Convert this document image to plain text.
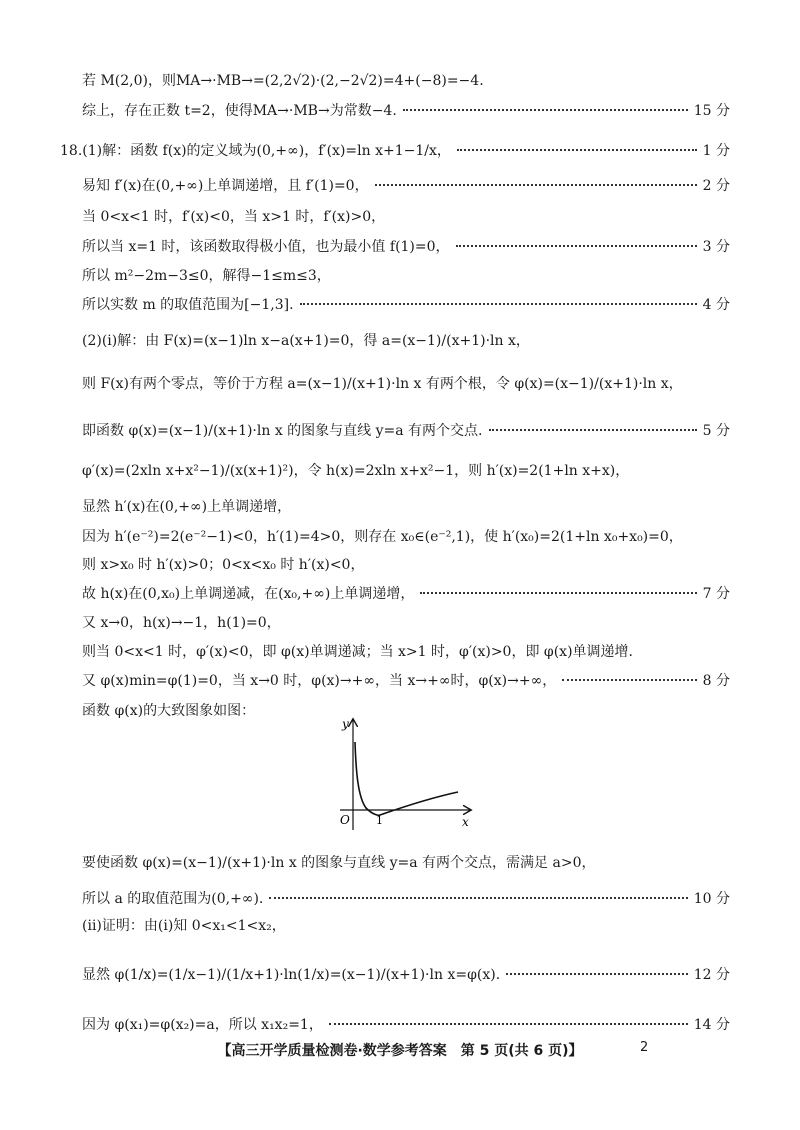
若 M(2,0)，则MA→·MB→=(2,2√2)·(2,−2√2)=4+(−8)=−4.
综上，存在正数 t=2，使得MA→·MB→为常数−4.	15 分
18.(1)解：函数 f(x)的定义域为(0,+∞)，f′(x)=ln x+1−1/x，	1 分
易知 f′(x)在(0,+∞)上单调递增，且 f′(1)=0，	2 分
当 0<x<1 时，f′(x)<0，当 x>1 时，f′(x)>0，
所以当 x=1 时，该函数取得极小值，也为最小值 f(1)=0，	3 分
所以 m²−2m−3≤0，解得−1≤m≤3，
所以实数 m 的取值范围为[−1,3].	4 分
(2)(ⅰ)解：由 F(x)=(x−1)ln x−a(x+1)=0，得 a=(x−1)/(x+1)·ln x，
则 F(x)有两个零点，等价于方程 a=(x−1)/(x+1)·ln x 有两个根，令 φ(x)=(x−1)/(x+1)·ln x，
即函数 φ(x)=(x−1)/(x+1)·ln x 的图象与直线 y=a 有两个交点.	5 分
φ′(x)=(2xln x+x²−1)/(x(x+1)²)，令 h(x)=2xln x+x²−1，则 h′(x)=2(1+ln x+x)，
显然 h′(x)在(0,+∞)上单调递增，
因为 h′(e⁻²)=2(e⁻²−1)<0，h′(1)=4>0，则存在 x₀∈(e⁻²,1)，使 h′(x₀)=2(1+ln x₀+x₀)=0，
则 x>x₀ 时 h′(x)>0；0<x<x₀ 时 h′(x)<0，
故 h(x)在(0,x₀)上单调递减，在(x₀,+∞)上单调递增，	7 分
又 x→0，h(x)→−1，h(1)=0，
则当 0<x<1 时，φ′(x)<0，即 φ(x)单调递减；当 x>1 时，φ′(x)>0，即 φ(x)单调递增.
又 φ(x)min=φ(1)=0，当 x→0 时，φ(x)→+∞，当 x→+∞时，φ(x)→+∞，	8 分
函数 φ(x)的大致图象如图：
y
x
O 1
要使函数 φ(x)=(x−1)/(x+1)·ln x 的图象与直线 y=a 有两个交点，需满足 a>0，
所以 a 的取值范围为(0,+∞).	10 分
(ⅱ)证明：由(ⅰ)知 0<x₁<1<x₂，
显然 φ(1/x)=(1/x−1)/(1/x+1)·ln(1/x)=(x−1)/(x+1)·ln x=φ(x).	12 分
因为 φ(x₁)=φ(x₂)=a，所以 x₁x₂=1，	14 分
【高三开学质量检测卷·数学参考答案　第 5 页(共 6 页)】	2
